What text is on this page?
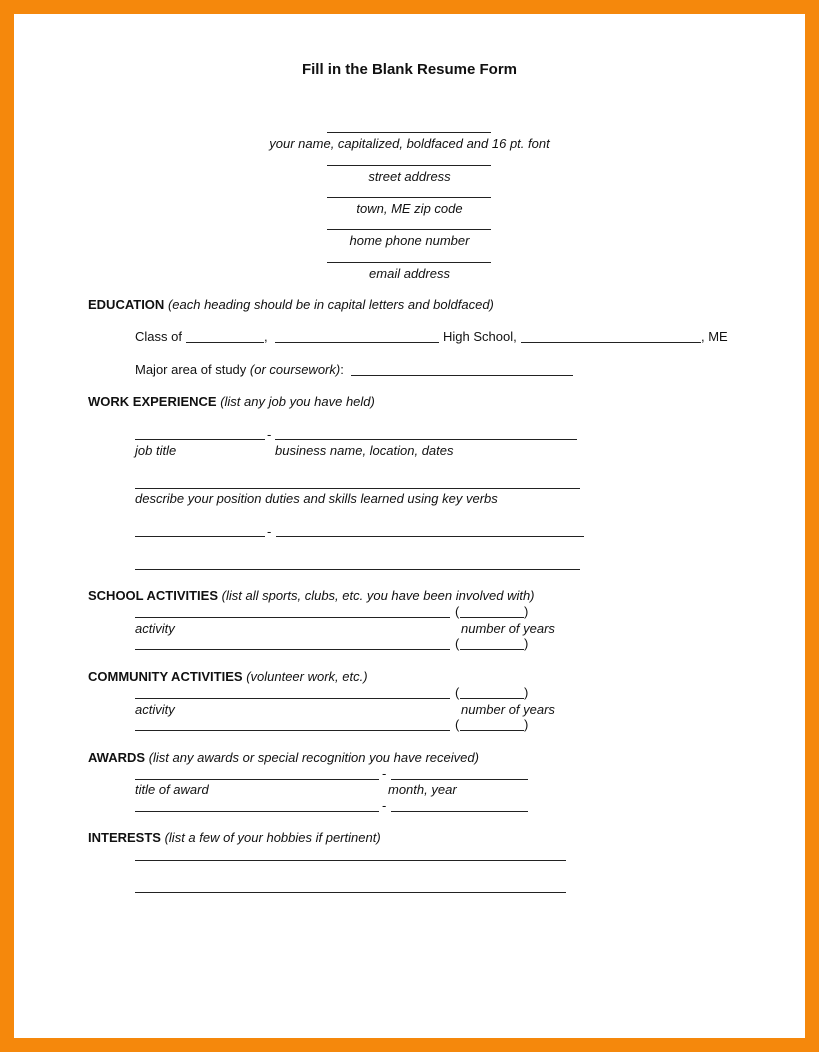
Fill in the Blank Resume Form
your name, capitalized, boldfaced and 16 pt. font
street address
town, ME zip code
home phone number
email address
EDUCATION (each heading should be in capital letters and boldfaced)
Class of	,	High School,	, ME
Major area of study (or coursework):
WORK EXPERIENCE (list any job you have held)
-
job title	business name, location, dates
describe your position duties and skills learned using key verbs
-
SCHOOL ACTIVITIES (list all sports, clubs, etc. you have been involved with)
(	)
activity	number of years
(	)
COMMUNITY ACTIVITIES (volunteer work, etc.)
(	)
activity	number of years
(	)
AWARDS (list any awards or special recognition you have received)
-
title of award	month, year
-
INTERESTS (list a few of your hobbies if pertinent)
